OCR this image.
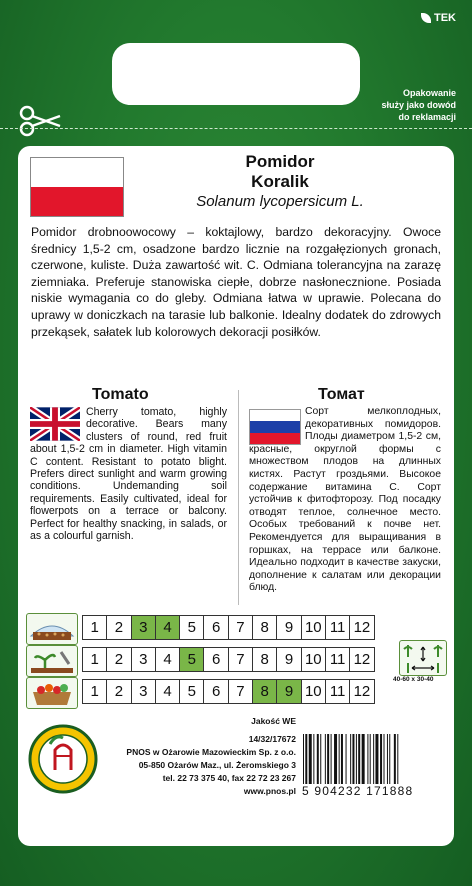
TEK
Opakowanie
służy jako dowód
do reklamacji
Pomidor
Koralik
Solanum lycopersicum L.

Pomidor drobnoowocowy – koktajlowy, bardzo dekoracyjny. Owoce średnicy 1,5-2 cm, osadzone bardzo licznie na rozgałęzionych gronach, czerwone, kuliste. Duża zawartość wit. C. Odmiana tolerancyjna na zarazę ziemniaka. Preferuje stanowiska ciepłe, dobrze nasłonecznione. Posiada niskie wymagania co do gleby. Odmiana łatwa w uprawie. Polecana do uprawy w doniczkach na tarasie lub balkonie. Idealny dodatek do zdrowych przekąsek, sałatek lub kolorowych dekoracji posiłków.

Tomato	Томат

Cherry tomato, highly decorative. Bears many clusters of round, red fruit about 1,5-2 cm in diameter. High vitamin C content. Resistant to potato blight. Prefers direct sunlight and warm growing conditions. Undemanding soil requirements. Easily cultivated, ideal for flowerpots on a terrace or balcony. Perfect for healthy snacking, in salads, or as a colourful garnish.

Сорт мелкоплодных, декоративных помидоров. Плоды диаметром 1,5-2 см, красные, округлой формы с множеством плодов на длинных кистях. Растут гроздьями. Высокое содержание витамина С. Сорт устойчив к фитофторозу. Под посадку отводят теплое, солнечное место. Особых требований к почве нет. Рекомендуется для выращивания в горшках, на террасе или балконе. Идеально подходит в качестве закуски, дополнение к салатам или декорации блюд.

1	2	3	4	5	6	7	8	9 10 11 12
1	2	3	4	5	6	7	8	9 10 11 12
1	2	3	4	5	6	7	8	9 10 11 12
40-60 x 30-40
Jakość WE
14/32/17672
PNOS w Ożarowie Mazowieckim Sp. z o.o.
05-850 Ożarów Maz., ul. Żeromskiego 3
tel. 22 73 375 40, fax 22 72 23 267
www.pnos.pl 5 904232 171888
